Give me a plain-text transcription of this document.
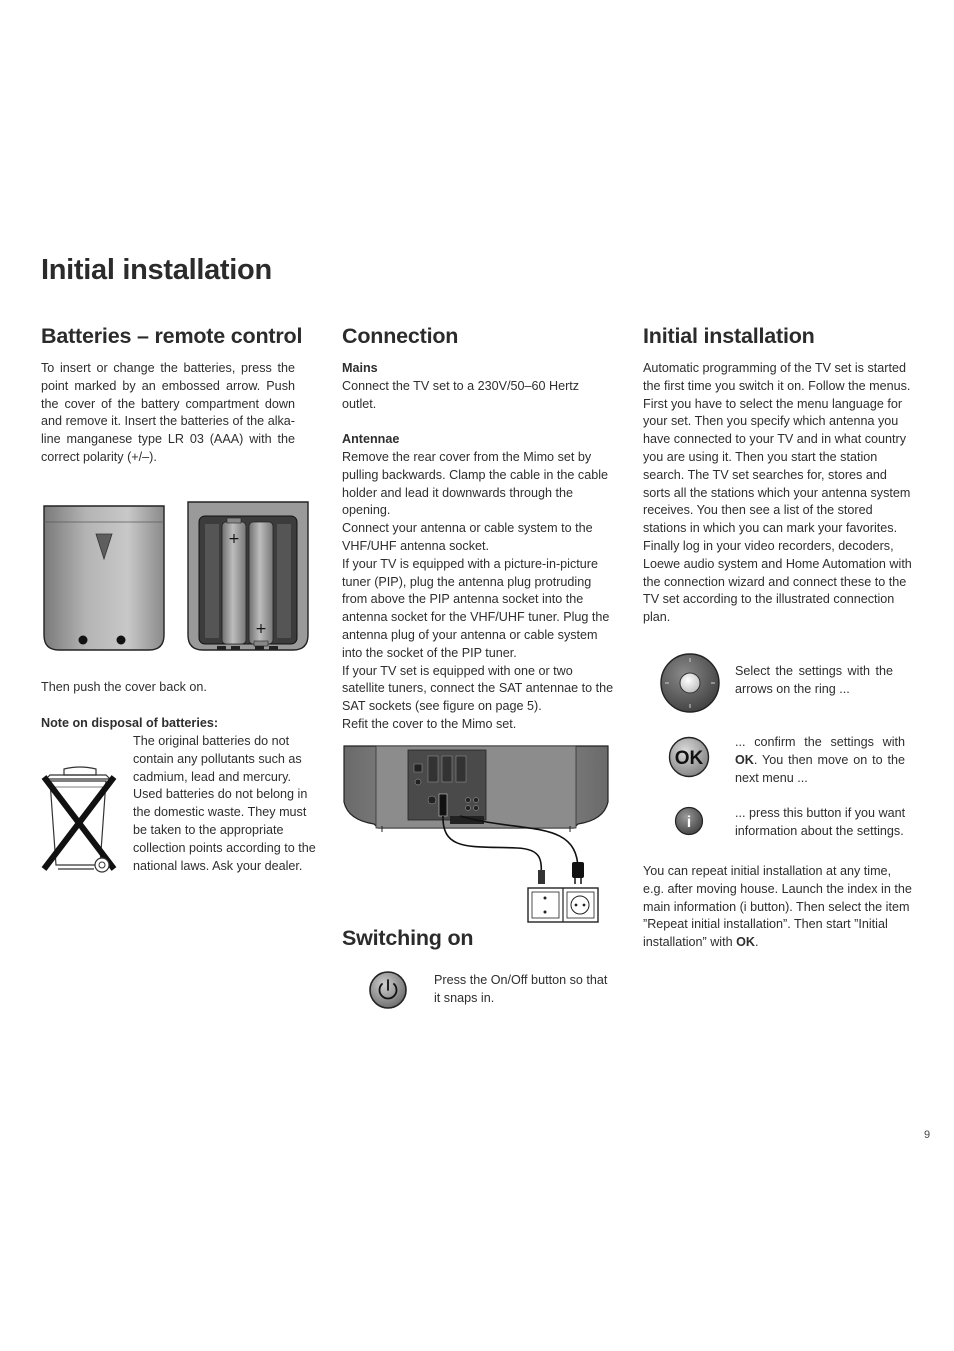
Initial installation
Batteries – remote control

To insert or change the batteries, press the point marked by an embossed arrow. Push the cover of the battery compartment down and remove it. Insert the batteries of the alka-line manganese type LR 03 (AAA) with the correct polarity (+/–).

+
+

Then push the cover back on.

Note on disposal of batteries:

The original batteries do not contain any pollutants such as cadmium, lead and mercury. Used batteries do not belong in the domestic waste. They must be taken to the appropriate collection points according to the national laws. Ask your dealer.

Connection

Mains

Connect the TV set to a 230V/50–60 Hertz outlet.

Antennae

Remove the rear cover from the Mimo set by pulling backwards. Clamp the cable in the cable holder and lead it downwards through the opening.

Connect your antenna or cable system to the VHF/UHF antenna socket.

If your TV is equipped with a picture-in-picture tuner (PIP), plug the antenna plug protruding from above the PIP antenna socket into the antenna socket for the VHF/UHF tuner. Plug the antenna plug of your antenna or cable system into the socket of the PIP tuner.

If your TV set is equipped with one or two satellite tuners, connect the SAT antennae to the SAT sockets (see figure on page 5).

Refit the cover to the Mimo set.

Switching on

Press the On/Off button so that it snaps in.

Initial installation

Automatic programming of the TV set is started the first time you switch it on. Follow the menus.

First you have to select the menu language for your set. Then you specify which antenna you have connected to your TV and in what country you are using it. Then you start the station search. The TV set searches for, stores and sorts all the stations which your antenna system receives. You then see a list of the stored stations in which you can mark your favorites. Finally log in your video recorders, decoders, Loewe audio system and Home Automation with the connection wizard and connect these to the TV set according to the illustrated connection plan.

Select the settings with the arrows on the ring ...

OK

... confirm the settings with OK. You then move on to the next menu ...

i

... press this button if you want information about the settings.

You can repeat initial installation at any time, e.g. after moving house. Launch the index in the main information (i button). Then select the item ”Repeat initial installation”. Then start ”Initial installation” with OK.

9
